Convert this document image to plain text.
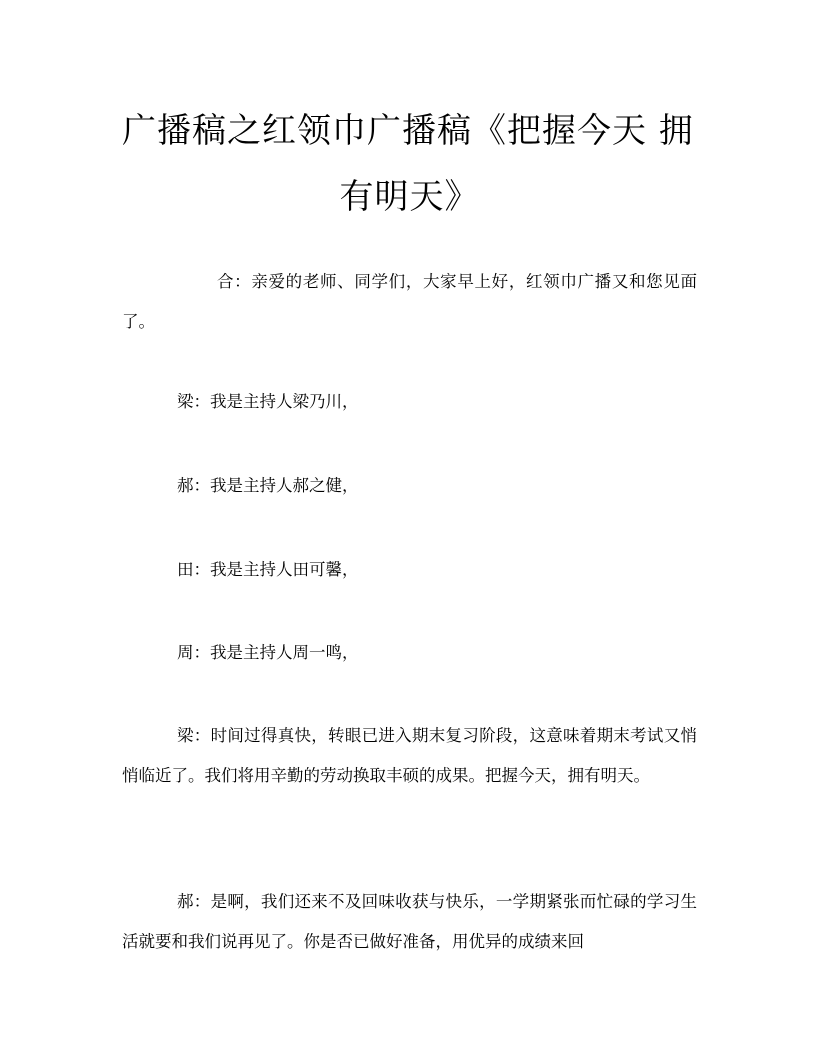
广播稿之红领巾广播稿《把握今天 拥
有明天》

合：亲爱的老师、同学们，大家早上好，红领巾广播又和您见面了。

梁：我是主持人梁乃川，

郝：我是主持人郝之健，

田：我是主持人田可馨，

周：我是主持人周一鸣，

梁：时间过得真快，转眼已进入期末复习阶段，这意味着期末考试又悄悄临近了。我们将用辛勤的劳动换取丰硕的成果。把握今天，拥有明天。

郝：是啊，我们还来不及回味收获与快乐，一学期紧张而忙碌的学习生活就要和我们说再见了。你是否已做好准备，用优异的成绩来回
